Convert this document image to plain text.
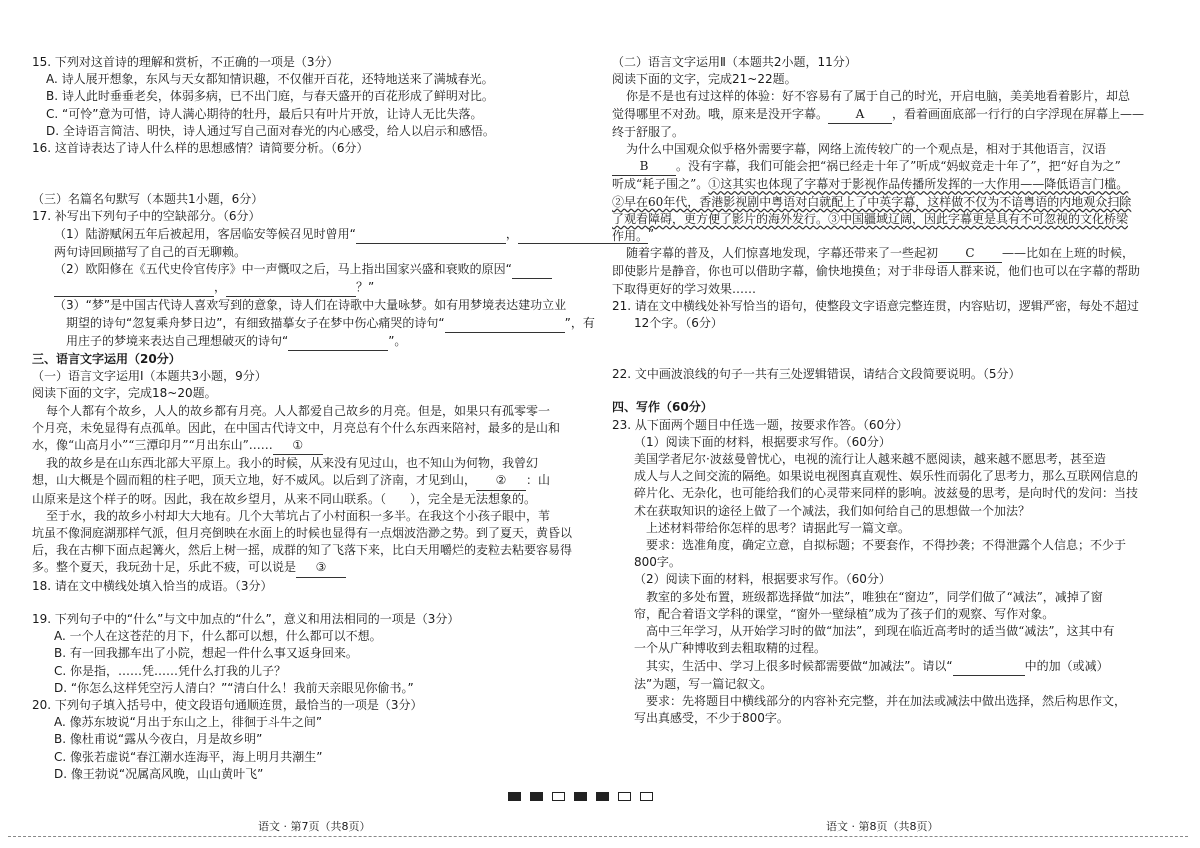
15. 下列对这首诗的理解和赏析，不正确的一项是（3分）
A. 诗人展开想象，东风与天女都知情识趣，不仅催开百花，还特地送来了满城春光。
B. 诗人此时垂垂老矣，体弱多病，已不出门庭，与春天盛开的百花形成了鲜明对比。
C. “可怜”意为可惜，诗人满心期待的牡丹，最后只有叶片开放，让诗人无比失落。
D. 全诗语言简洁、明快，诗人通过写自己面对春光的内心感受，给人以启示和感悟。
16. 这首诗表达了诗人什么样的思想感情？请简要分析。（6分）
（三）名篇名句默写（本题共1小题，6分）
17. 补写出下列句子中的空缺部分。（6分）
（1）陆游赋闲五年后被起用，客居临安等候召见时曾用“	，	”
两句诗回顾描写了自己的百无聊赖。
（2）欧阳修在《五代史伶官传序》中一声慨叹之后，马上指出国家兴盛和衰败的原因“
，	？”
（3）“梦”是中国古代诗人喜欢写到的意象，诗人们在诗歌中大量咏梦。如有用梦境表达建功立业
期望的诗句“忽复乘舟梦日边”，有细致描摹女子在梦中伤心痛哭的诗句“	”，有
用庄子的梦境来表达自己理想破灭的诗句“	”。
三、语言文字运用（20分）
（一）语言文字运用Ⅰ（本题共3小题，9分）
阅读下面的文字，完成18~20题。
每个人都有个故乡，人人的故乡都有月亮。人人都爱自己故乡的月亮。但是，如果只有孤零零一
个月亮，未免显得有点孤单。因此，在中国古代诗文中，月亮总有个什么东西来陪衬，最多的是山和
水，像“山高月小”“三潭印月”“月出东山”…… ①
我的故乡是在山东西北部大平原上。我小的时候，从来没有见过山，也不知山为何物，我曾幻
想，山大概是个圆而粗的柱子吧，顶天立地，好不威风。以后到了济南，才见到山， ② ：山
山原来是这个样子的呀。因此，我在故乡望月，从来不同山联系。（　　），完全是无法想象的。
至于水，我的故乡小村却大大地有。几个大苇坑占了小村面积一多半。在我这个小孩子眼中，苇
坑虽不像洞庭湖那样气派，但月亮倒映在水面上的时候也显得有一点烟波浩渺之势。到了夏天，黄昏以
后，我在古柳下面点起篝火，然后上树一摇，成群的知了飞落下来，比白天用嚼烂的麦粒去粘要容易得
多。整个夏天，我玩劲十足，乐此不疲，可以说是 ③
18. 请在文中横线处填入恰当的成语。（3分）
19. 下列句子中的“什么”与文中加点的“什么”，意义和用法相同的一项是（3分）
A. 一个人在这苍茫的月下，什么都可以想，什么都可以不想。
B. 有一回我挪车出了小院，想起一件什么事又返身回来。
C. 你是指，……凭……凭什么打我的儿子？
D. “你怎么这样凭空污人清白？”“清白什么！我前天亲眼见你偷书。”
20. 下列句子填入括号中，使文段语句通顺连贯，最恰当的一项是（3分）
A. 像苏东坡说“月出于东山之上，徘徊于斗牛之间”
B. 像杜甫说“露从今夜白，月是故乡明”
C. 像张若虚说“春江潮水连海平，海上明月共潮生”
D. 像王勃说“况属高风晚，山山黄叶飞”
（二）语言文字运用Ⅱ（本题共2小题，11分）
阅读下面的文字，完成21~22题。
你是不是也有过这样的体验：好不容易有了属于自己的时光，开启电脑，美美地看着影片，却总
觉得哪里不对劲。哦，原来是没开字幕。 A ，看着画面底部一行行的白字浮现在屏幕上——
终于舒服了。
为什么中国观众似乎格外需要字幕，网络上流传较广的一个观点是，相对于其他语言，汉语
B 。没有字幕，我们可能会把“祸已经走十年了”听成“妈蚁竞走十年了”，把“好自为之”
听成“耗子围之”。①这其实也体现了字幕对于影视作品传播所发挥的一大作用——降低语言门槛。
②早在60年代，香港影视剧中粤语对白就配上了中英字幕，这样做不仅为不谙粤语的内地观众扫除
了观看障碍，更方便了影片的海外发行。③中国疆域辽阔，因此字幕更是具有不可忽视的文化桥梁
作用。
随着字幕的普及，人们惊喜地发现，字幕还带来了一些起初 C ——比如在上班的时候，
即使影片是静音，你也可以借助字幕，偷快地摸鱼；对于非母语人群来说，他们也可以在字幕的帮助
下取得更好的学习效果……
21. 请在文中横线处补写恰当的语句，使整段文字语意完整连贯，内容贴切，逻辑严密，每处不超过
12个字。（6分）
22. 文中画波浪线的句子一共有三处逻辑错误，请结合文段简要说明。（5分）
四、写作（60分）
23. 从下面两个题目中任选一题，按要求作答。（60分）
（1）阅读下面的材料，根据要求写作。（60分）
美国学者尼尔·波兹曼曾忧心，电视的流行让人越来越不愿阅读，越来越不愿思考，甚至造
成人与人之间交流的隔绝。如果说电视图真直观性、娱乐性而弱化了思考力，那么互联网信息的
碎片化、无杂化，也可能给我们的心灵带来同样的影响。波兹曼的思考，是向时代的发问：当技
术在获取知识的途径上做了一个减法，我们如何给自己的思想做一个加法？
上述材料带给你怎样的思考？请据此写一篇文章。
要求：选准角度，确定立意，自拟标题；不要套作，不得抄袭；不得泄露个人信息；不少于
800字。
（2）阅读下面的材料，根据要求写作。（60分）
教室的多处布置，班级都选择做“加法”，唯独在“窗边”，同学们做了“减法”，减掉了窗
帘，配合着语文学科的课堂，“窗外一壁绿植”成为了孩子们的观察、写作对象。
高中三年学习，从开始学习时的做“加法”，到现在临近高考时的适当做“减法”，这其中有
一个从广种博收到去粗取精的过程。
其实，生活中、学习上很多时候都需要做“加减法”。请以“	中的加（或减）
法”为题，写一篇记叙文。
要求：先将题目中横线部分的内容补充完整，并在加法或减法中做出选择，然后构思作文，
写出真感受，不少于800字。
语文 · 第7页（共8页）	语文 · 第8页（共8页）
